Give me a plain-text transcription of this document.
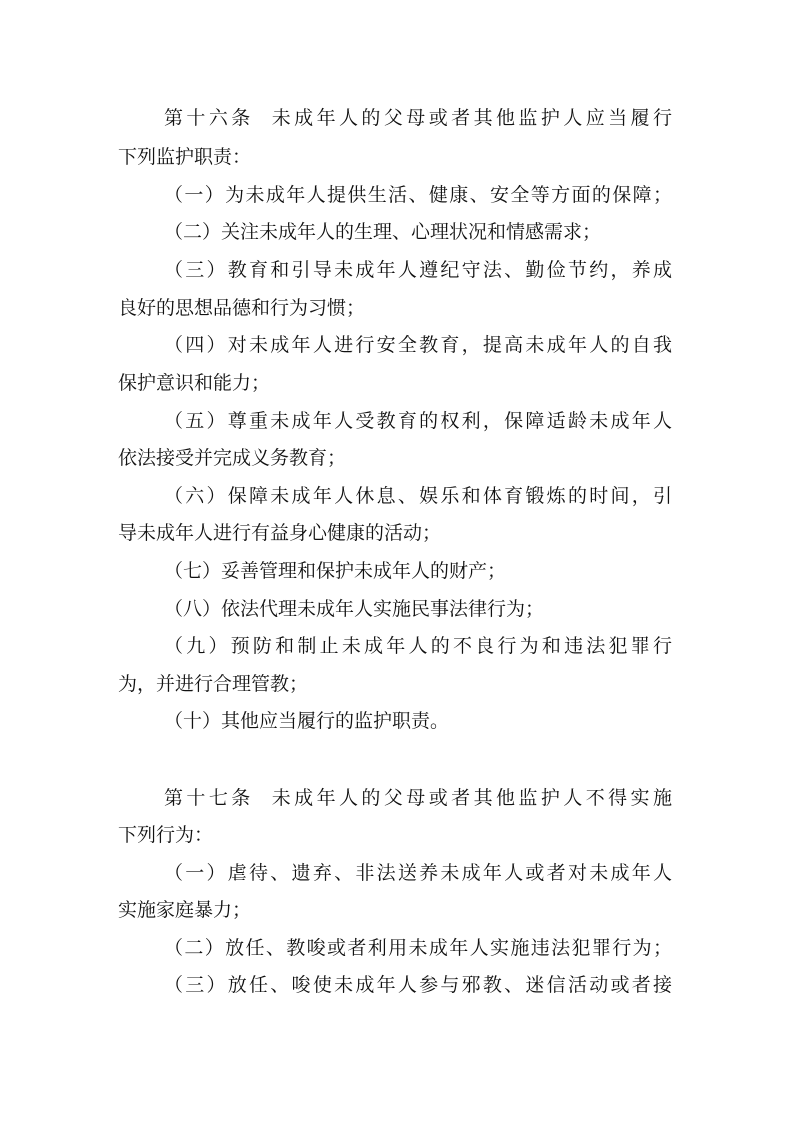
第十六条 未成年人的父母或者其他监护人应当履行
下列监护职责：
（一）为未成年人提供生活、健康、安全等方面的保障；
（二）关注未成年人的生理、心理状况和情感需求；
（三）教育和引导未成年人遵纪守法、勤俭节约，养成
良好的思想品德和行为习惯；
（四）对未成年人进行安全教育，提高未成年人的自我
保护意识和能力；
（五）尊重未成年人受教育的权利，保障适龄未成年人
依法接受并完成义务教育；
（六）保障未成年人休息、娱乐和体育锻炼的时间，引
导未成年人进行有益身心健康的活动；
（七）妥善管理和保护未成年人的财产；
（八）依法代理未成年人实施民事法律行为；
（九）预防和制止未成年人的不良行为和违法犯罪行
为，并进行合理管教；
（十）其他应当履行的监护职责。
第十七条 未成年人的父母或者其他监护人不得实施
下列行为：
（一）虐待、遗弃、非法送养未成年人或者对未成年人
实施家庭暴力；
（二）放任、教唆或者利用未成年人实施违法犯罪行为；
（三）放任、唆使未成年人参与邪教、迷信活动或者接
